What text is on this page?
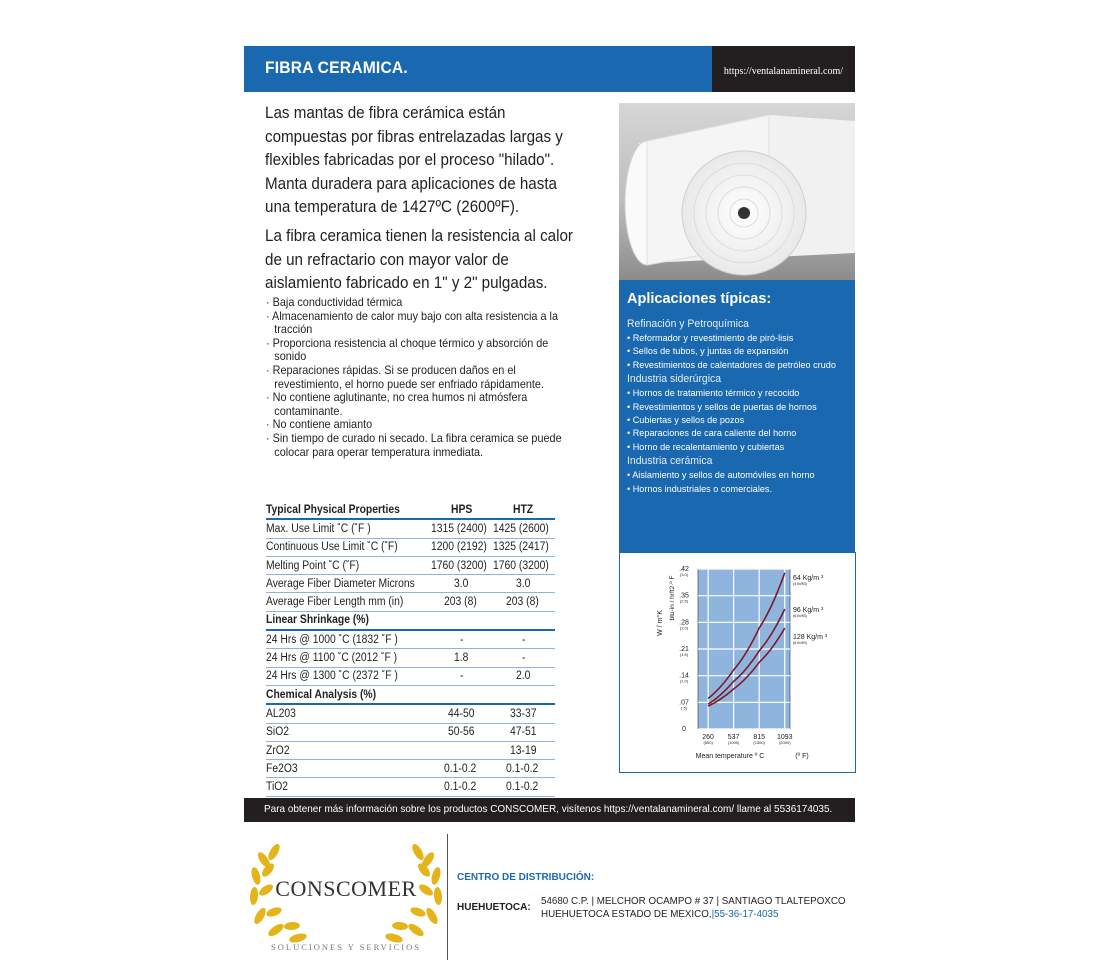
FIBRA CERAMICA.	https://ventalanamineral.com/
Las mantas de fibra cerámica están compuestas por fibras entrelazadas largas y flexibles fabricadas por el proceso "hilado". Manta duradera para aplicaciones de hasta una temperatura de 1427ºC (2600ºF).
La fibra ceramica tienen la resistencia al calor de un refractario con mayor valor de aislamiento fabricado en 1" y 2" pulgadas.
· Baja conductividad térmica
· Almacenamiento de calor muy bajo con alta resistencia a la tracción
· Proporciona resistencia al choque térmico y absorción de sonido
· Reparaciones rápidas. Si se producen daños en el revestimiento, el horno puede ser enfriado rápidamente.
· No contiene aglutinante, no crea humos ni atmósfera contaminante.
· No contiene amianto
· Sin tiempo de curado ni secado. La fibra ceramica se puede colocar para operar temperatura inmediata.
Typical Physical Properties	HPS	HTZ
Max. Use Limit ˚C (˚F )	1315 (2400)	1425 (2600)
Continuous Use Limit ˚C (˚F)	1200 (2192)	1325 (2417)
Melting Point ˚C (˚F)	1760 (3200)	1760 (3200)
Average Fiber Diameter Microns	3.0	3.0
Average Fiber Length mm (in)	203 (8)	203 (8)
Linear Shrinkage (%)		
24 Hrs @ 1000 ˚C (1832 ˚F )	-	-
24 Hrs @ 1100 ˚C (2012 ˚F )	1.8	-
24 Hrs @ 1300 ˚C (2372 ˚F )	-	2.0
Chemical Analysis (%)		
AL203	44-50	33-37
SiO2	50-56	47-51
ZrO2		13-19
Fe2O3	0.1-0.2	0.1-0.2
TiO2	0.1-0.2	0.1-0.2
Aplicaciones típicas:
Refinación y Petroquímica
• Reformador y revestimiento de piró-lisis
• Sellos de tubos, y juntas de expansión
• Revestimientos de calentadores de petróleo crudo
Industria siderúrgica
• Hornos de tratamiento térmico y recocido
• Revestimientos y sellos de puertas de hornos
• Cubiertas y sellos de pozos
• Reparaciones de cara caliente del horno
• Horno de recalentamiento y cubiertas
Industria cerámica
• Aislamiento y sellos de automóviles en horno
• Hornos industriales o comerciales.
0
.07
(.5)
.14
(1.0)
.21
(1.5)
.28
(2.0)
.35
(2.5)
.42
(3.0)
260
(500)
537
(1000)
815
(1500)
1093
(2000)
Mean temperature º C	(º F)
W / m°K
btu-in / hrft2·º F	64 Kg/m ³
(4 lb/ft3)
96 Kg/m ³
(6 lb/ft3)
128 Kg/m ³
(8 lb/ft3)
Para obtener más información sobre los productos CONSCOMER, visítenos https://ventalanamineral.com/ llame al 5536174035.
CONSCOMER
SOLUCIONES Y SERVICIOS
CENTRO DE DISTRIBUCIÓN:
HUEHUETOCA:
54680 C.P. | MELCHOR OCAMPO # 37 | SANTIAGO TLALTEPOXCO
HUEHUETOCA ESTADO DE MEXICO,|55-36-17-4035
